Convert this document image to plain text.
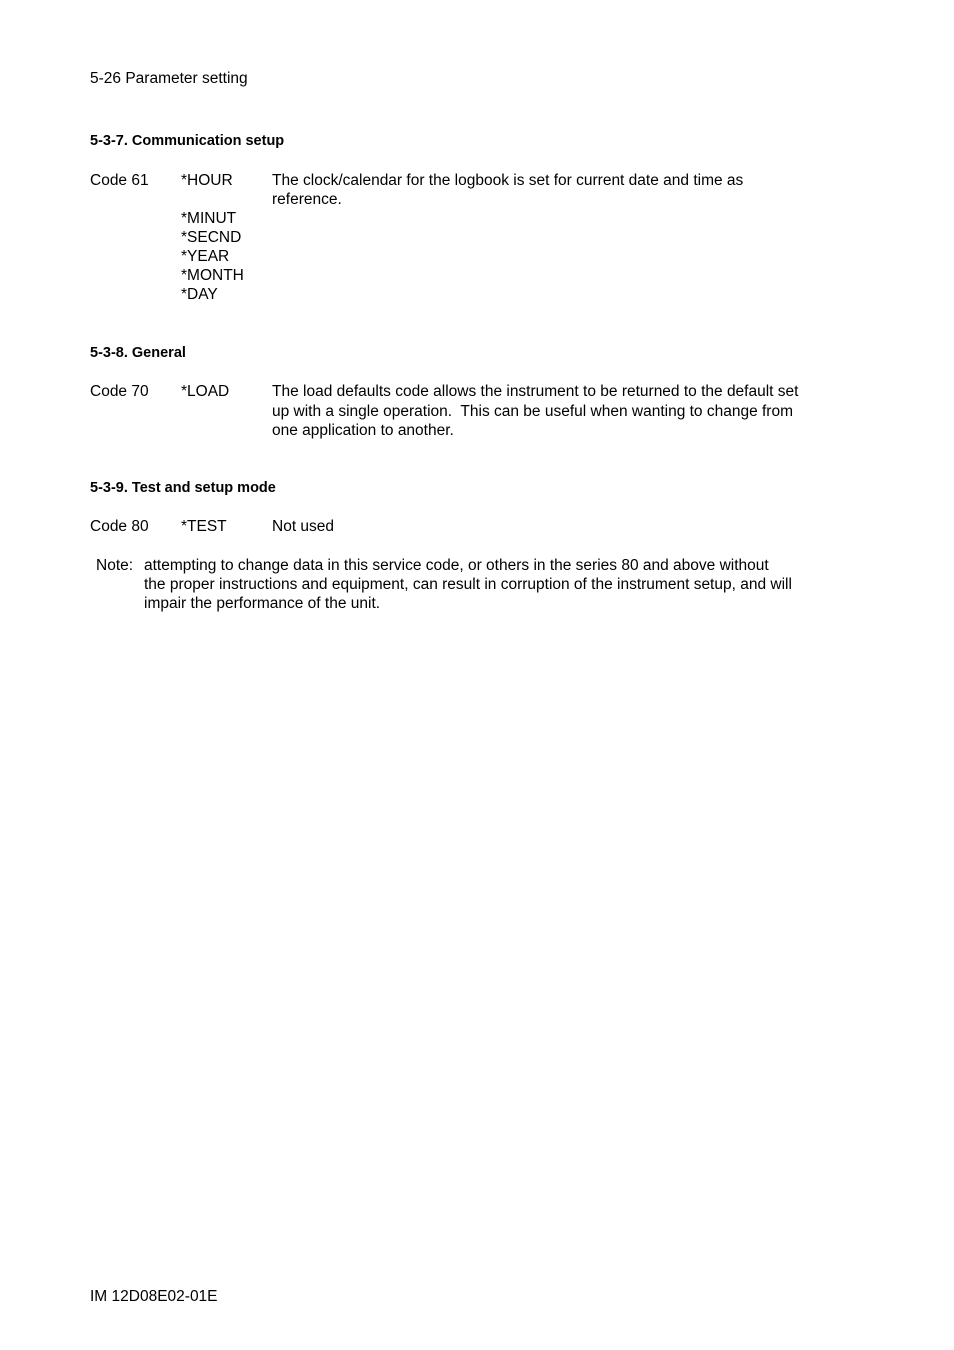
5-26 Parameter setting
5-3-7. Communication setup
Code 61 *HOUR
*MINUT
*SECND
*YEAR
*MONTH
*DAY
The clock/calendar for the logbook is set for current date and time as
reference.
5-3-8. General
Code 70 *LOAD	The load defaults code allows the instrument to be returned to the default set
up with a single operation.  This can be useful when wanting to change from
one application to another.
5-3-9. Test and setup mode
Code 80 *TEST	Not used
Note: attempting to change data in this service code, or others in the series 80 and above without
the proper instructions and equipment, can result in corruption of the instrument setup, and will
impair the performance of the unit.
IM 12D08E02-01E
